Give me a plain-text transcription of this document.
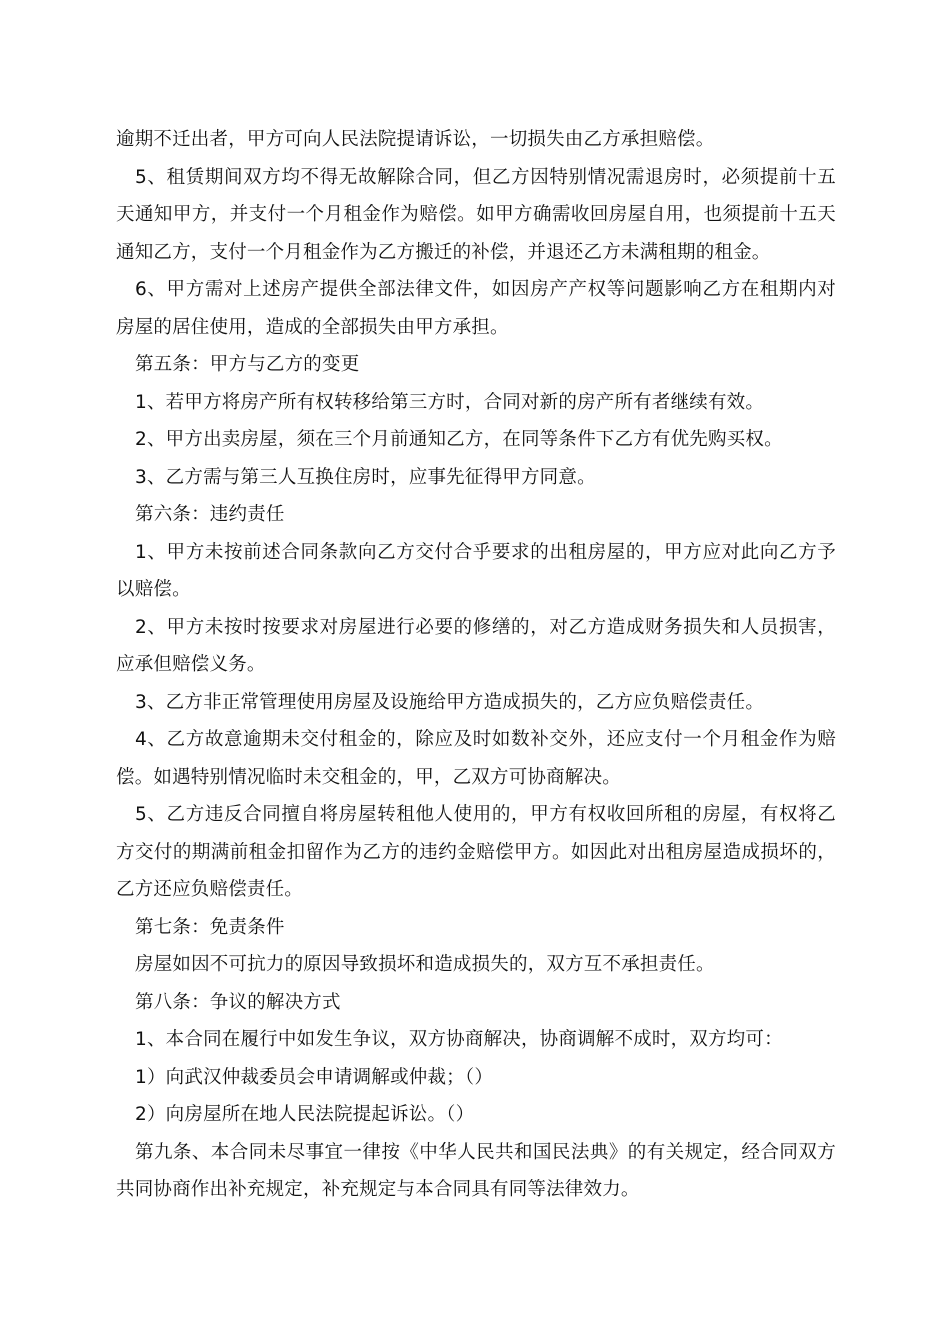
逾期不迁出者，甲方可向人民法院提请诉讼，一切损失由乙方承担赔偿。

5、租赁期间双方均不得无故解除合同，但乙方因特别情况需退房时，必须提前十五天通知甲方，并支付一个月租金作为赔偿。如甲方确需收回房屋自用，也须提前十五天通知乙方，支付一个月租金作为乙方搬迁的补偿，并退还乙方未满租期的租金。

6、甲方需对上述房产提供全部法律文件，如因房产产权等问题影响乙方在租期内对房屋的居住使用，造成的全部损失由甲方承担。

第五条：甲方与乙方的变更

1、若甲方将房产所有权转移给第三方时，合同对新的房产所有者继续有效。

2、甲方出卖房屋，须在三个月前通知乙方，在同等条件下乙方有优先购买权。

3、乙方需与第三人互换住房时，应事先征得甲方同意。

第六条：违约责任

1、甲方未按前述合同条款向乙方交付合乎要求的出租房屋的，甲方应对此向乙方予以赔偿。

2、甲方未按时按要求对房屋进行必要的修缮的，对乙方造成财务损失和人员损害，应承但赔偿义务。

3、乙方非正常管理使用房屋及设施给甲方造成损失的，乙方应负赔偿责任。

4、乙方故意逾期未交付租金的，除应及时如数补交外，还应支付一个月租金作为赔偿。如遇特别情况临时未交租金的，甲，乙双方可协商解决。

5、乙方违反合同擅自将房屋转租他人使用的，甲方有权收回所租的房屋，有权将乙方交付的期满前租金扣留作为乙方的违约金赔偿甲方。如因此对出租房屋造成损坏的，乙方还应负赔偿责任。

第七条：免责条件

房屋如因不可抗力的原因导致损坏和造成损失的，双方互不承担责任。

第八条：争议的解决方式

1、本合同在履行中如发生争议，双方协商解决，协商调解不成时，双方均可：

1）向武汉仲裁委员会申请调解或仲裁；（）

2）向房屋所在地人民法院提起诉讼。（）

第九条、本合同未尽事宜一律按《中华人民共和国民法典》的有关规定，经合同双方共同协商作出补充规定，补充规定与本合同具有同等法律效力。
